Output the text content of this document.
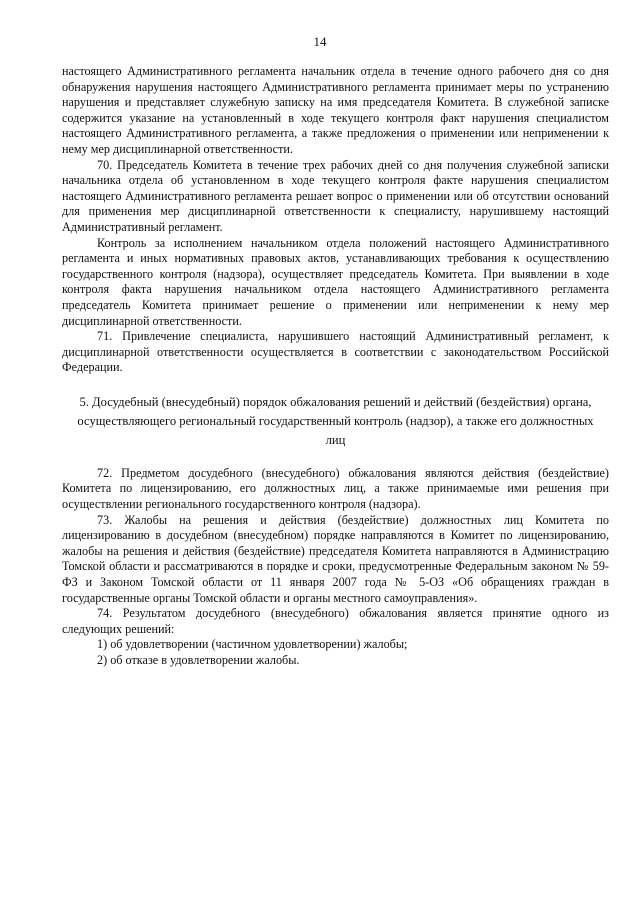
14

настоящего Административного регламента начальник отдела в течение одного рабочего дня со дня обнаружения нарушения настоящего Административного регламента принимает меры по устранению нарушения и представляет служебную записку на имя председателя Комитета. В служебной записке содержится указание на установленный в ходе текущего контроля факт нарушения специалистом настоящего Административного регламента, а также предложения о применении или неприменении к нему мер дисциплинарной ответственности.

70. Председатель Комитета в течение трех рабочих дней со дня получения служебной записки начальника отдела об установленном в ходе текущего контроля факте нарушения специалистом настоящего Административного регламента решает вопрос о применении или об отсутствии оснований для применения мер дисциплинарной ответственности к специалисту, нарушившему настоящий Административный регламент.

Контроль за исполнением начальником отдела положений настоящего Административного регламента и иных нормативных правовых актов, устанавливающих требования к осуществлению государственного контроля (надзора), осуществляет председатель Комитета. При выявлении в ходе контроля факта нарушения начальником отдела настоящего Административного регламента председатель Комитета принимает решение о применении или неприменении к нему мер дисциплинарной ответственности.

71. Привлечение специалиста, нарушившего настоящий Административный регламент, к дисциплинарной ответственности осуществляется в соответствии с законодательством Российской Федерации.

5. Досудебный (внесудебный) порядок обжалования решений и действий (бездействия) органа, осуществляющего региональный государственный контроль (надзор), а также его должностных лиц

72. Предметом досудебного (внесудебного) обжалования являются действия (бездействие) Комитета по лицензированию, его должностных лиц, а также принимаемые ими решения при осуществлении регионального государственного контроля (надзора).

73. Жалобы на решения и действия (бездействие) должностных лиц Комитета по лицензированию в досудебном (внесудебном) порядке направляются в Комитет по лицензированию, жалобы на решения и действия (бездействие) председателя Комитета направляются в Администрацию Томской области и рассматриваются в порядке и сроки, предусмотренные Федеральным законом № 59-ФЗ и Законом Томской области от 11 января 2007 года № 5-ОЗ «Об обращениях граждан в государственные органы Томской области и органы местного самоуправления».

74. Результатом досудебного (внесудебного) обжалования является принятие одного из следующих решений:

1) об удовлетворении (частичном удовлетворении) жалобы;

2) об отказе в удовлетворении жалобы.
